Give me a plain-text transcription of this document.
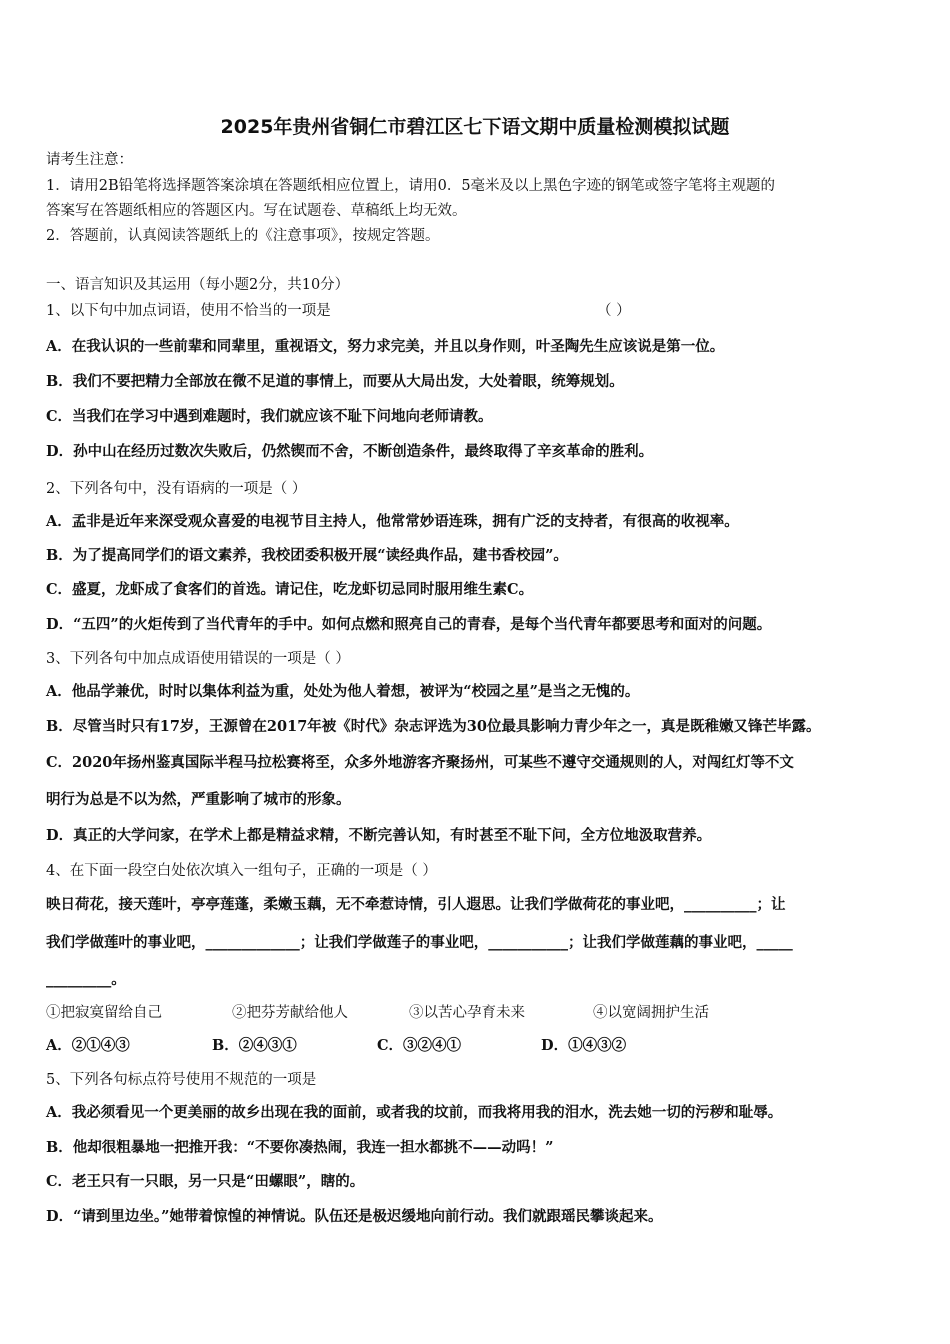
2025年贵州省铜仁市碧江区七下语文期中质量检测模拟试题
请考生注意：
1．请用2B铅笔将选择题答案涂填在答题纸相应位置上，请用0．5毫米及以上黑色字迹的钢笔或签字笔将主观题的
答案写在答题纸相应的答题区内。写在试题卷、草稿纸上均无效。
2．答题前，认真阅读答题纸上的《注意事项》，按规定答题。
一、语言知识及其运用（每小题2分，共10分）
1、以下句中加点词语，使用不恰当的一项是	（ ）
A．在我认识的一些前辈和同辈里，重视语文，努力求完美，并且以身作则，叶圣陶先生应该说是第一位。
B．我们不要把精力全部放在微不足道的事情上，而要从大局出发，大处着眼，统筹规划。
C．当我们在学习中遇到难题时，我们就应该不耻下问地向老师请教。
D．孙中山在经历过数次失败后，仍然锲而不舍，不断创造条件，最终取得了辛亥革命的胜利。
2、下列各句中，没有语病的一项是（ ）
A．孟非是近年来深受观众喜爱的电视节目主持人，他常常妙语连珠，拥有广泛的支持者，有很高的收视率。
B．为了提高同学们的语文素养，我校团委积极开展“读经典作品，建书香校园”。
C．盛夏，龙虾成了食客们的首选。请记住，吃龙虾切忌同时服用维生素C。
D．“五四”的火炬传到了当代青年的手中。如何点燃和照亮自己的青春，是每个当代青年都要思考和面对的问题。
3、下列各句中加点成语使用错误的一项是（ ）
A．他品学兼优，时时以集体利益为重，处处为他人着想，被评为“校园之星”是当之无愧的。
B．尽管当时只有17岁，王源曾在2017年被《时代》杂志评选为30位最具影响力青少年之一，真是既稚嫩又锋芒毕露。
C．2020年扬州鉴真国际半程马拉松赛将至，众多外地游客齐聚扬州，可某些不遵守交通规则的人，对闯红灯等不文
明行为总是不以为然，严重影响了城市的形象。
D．真正的大学问家，在学术上都是精益求精，不断完善认知，有时甚至不耻下问，全方位地汲取营养。
4、在下面一段空白处依次填入一组句子，正确的一项是（ ）
映日荷花，接天莲叶，亭亭莲蓬，柔嫩玉藕，无不牵惹诗情，引人遐思。让我们学做荷花的事业吧，__________；让
我们学做莲叶的事业吧，_____________；让我们学做莲子的事业吧，___________；让我们学做莲藕的事业吧，_____
_________。
①把寂寞留给自己	②把芬芳献给他人	③以苦心孕育未来	④以宽阔拥护生活
A．②①④③	B．②④③①	C．③②④①	D．①④③②
5、下列各句标点符号使用不规范的一项是
A．我必须看见一个更美丽的故乡出现在我的面前，或者我的坟前，而我将用我的泪水，洗去她一切的污秽和耻辱。
B．他却很粗暴地一把推开我：“不要你凑热闹，我连一担水都挑不——动吗！”
C．老王只有一只眼，另一只是“田螺眼”，瞎的。
D．“请到里边坐。”她带着惊惶的神情说。队伍还是极迟缓地向前行动。我们就跟瑶民攀谈起来。
